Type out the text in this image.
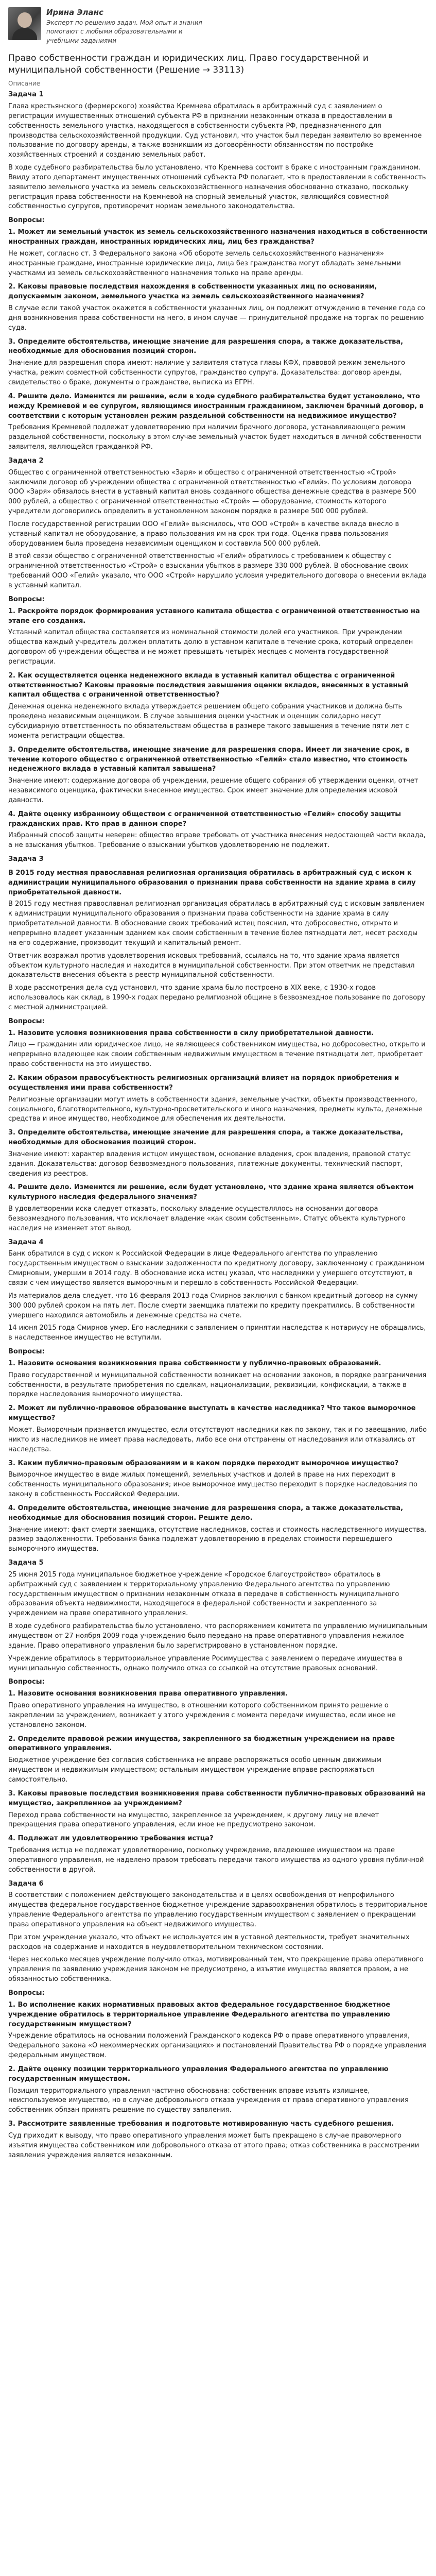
Ирина Эланс
Эксперт по решению задач. Мой опыт и знания помогают с любыми образовательными и учебными заданиями
Право собственности граждан и юридических лиц. Право государственной и муниципальной собственности (Решение → 33113)
Описание
Задача 1

Глава крестьянского (фермерского) хозяйства Кремнева обратилась в арбитражный суд с заявлением о регистрации имущественных отношений субъекта РФ в признании незаконным отказа в предоставлении в собственность земельного участка, находящегося в собственности субъекта РФ, предназначенного для производства сельскохозяйственной продукции. Суд установил, что участок был передан заявителю во временное пользование по договору аренды, а также возникшим из договорённости обязанностям по постройке хозяйственных строений и созданию земельных работ.

В ходе судебного разбирательства было установлено, что Кремнева состоит в браке с иностранным гражданином. Ввиду этого департамент имущественных отношений субъекта РФ полагает, что в предоставлении в собственность заявителю земельного участка из земель сельскохозяйственного назначения обоснованно отказано, поскольку регистрация права собственности на Кремневой на спорный земельный участок, являющийся совместной собственностью супругов, противоречит нормам земельного законодательства.

Вопросы:
1. Может ли земельный участок из земель сельскохозяйственного назначения находиться в собственности иностранных граждан, иностранных юридических лиц, лиц без гражданства?
Не может, согласно ст. 3 Федерального закона «Об обороте земель сельскохозяйственного назначения» иностранные граждане, иностранные юридические лица, лица без гражданства могут обладать земельными участками из земель сельскохозяйственного назначения только на праве аренды.
2. Каковы правовые последствия нахождения в собственности указанных лиц по основаниям, допускаемым законом, земельного участка из земель сельскохозяйственного назначения?
В случае если такой участок окажется в собственности указанных лиц, он подлежит отчуждению в течение года со дня возникновения права собственности на него, в ином случае — принудительной продаже на торгах по решению суда.
3. Определите обстоятельства, имеющие значение для разрешения спора, а также доказательства, необходимые для обоснования позиций сторон.
Значение для разрешения спора имеют: наличие у заявителя статуса главы КФХ, правовой режим земельного участка, режим совместной собственности супругов, гражданство супруга. Доказательства: договор аренды, свидетельство о браке, документы о гражданстве, выписка из ЕГРН.
4. Решите дело. Изменится ли решение, если в ходе судебного разбирательства будет установлено, что между Кремневой и ее супругом, являющимся иностранным гражданином, заключен брачный договор, в соответствии с которым установлен режим раздельной собственности на недвижимое имущество?
Требования Кремневой подлежат удовлетворению при наличии брачного договора, устанавливающего режим раздельной собственности, поскольку в этом случае земельный участок будет находиться в личной собственности заявителя, являющейся гражданкой РФ.
Задача 2

Общество с ограниченной ответственностью «Заря» и общество с ограниченной ответственностью «Строй» заключили договор об учреждении общества с ограниченной ответственностью «Гелий». По условиям договора ООО «Заря» обязалось внести в уставный капитал вновь созданного общества денежные средства в размере 500 000 рублей, а общество с ограниченной ответственностью «Строй» — оборудование, стоимость которого учредители договорились определить в установленном законом порядке в размере 500 000 рублей.

После государственной регистрации ООО «Гелий» выяснилось, что ООО «Строй» в качестве вклада внесло в уставный капитал не оборудование, а право пользования им на срок три года. Оценка права пользования оборудованием была проведена независимым оценщиком и составила 500 000 рублей.

В этой связи общество с ограниченной ответственностью «Гелий» обратилось с требованием к обществу с ограниченной ответственностью «Строй» о взыскании убытков в размере 330 000 рублей. В обоснование своих требований ООО «Гелий» указало, что ООО «Строй» нарушило условия учредительного договора о внесении вклада в уставный капитал.

Вопросы:
1. Раскройте порядок формирования уставного капитала общества с ограниченной ответственностью на этапе его создания.
Уставный капитал общества составляется из номинальной стоимости долей его участников. При учреждении общества каждый учредитель должен оплатить долю в уставном капитале в течение срока, который определен договором об учреждении общества и не может превышать четырёх месяцев с момента государственной регистрации.
2. Как осуществляется оценка неденежного вклада в уставный капитал общества с ограниченной ответственностью? Каковы правовые последствия завышения оценки вкладов, внесенных в уставный капитал общества с ограниченной ответственностью?
Денежная оценка неденежного вклада утверждается решением общего собрания участников и должна быть проведена независимым оценщиком. В случае завышения оценки участник и оценщик солидарно несут субсидиарную ответственность по обязательствам общества в размере такого завышения в течение пяти лет с момента регистрации общества.
3. Определите обстоятельства, имеющие значение для разрешения спора. Имеет ли значение срок, в течение которого общество с ограниченной ответственностью «Гелий» стало известно, что стоимость неденежного вклада в уставный капитал завышена?
Значение имеют: содержание договора об учреждении, решение общего собрания об утверждении оценки, отчет независимого оценщика, фактически внесенное имущество. Срок имеет значение для определения исковой давности.
4. Дайте оценку избранному обществом с ограниченной ответственностью «Гелий» способу защиты гражданских прав. Кто прав в данном споре?
Избранный способ защиты неверен: общество вправе требовать от участника внесения недостающей части вклада, а не взыскания убытков. Требование о взыскании убытков удовлетворению не подлежит.
Задача 3
В 2015 году местная православная религиозная организация обратилась в арбитражный суд с иском к администрации муниципального образования о признании права собственности на здание храма в силу приобретательной давности.

В 2015 году местная православная религиозная организация обратилась в арбитражный суд с исковым заявлением к администрации муниципального образования о признании права собственности на здание храма в силу приобретательной давности. В обоснование своих требований истец пояснил, что добросовестно, открыто и непрерывно владеет указанным зданием как своим собственным в течение более пятнадцати лет, несет расходы на его содержание, производит текущий и капитальный ремонт.

Ответчик возражал против удовлетворения исковых требований, ссылаясь на то, что здание храма является объектом культурного наследия и находится в муниципальной собственности. При этом ответчик не представил доказательств внесения объекта в реестр муниципальной собственности.

В ходе рассмотрения дела суд установил, что здание храма было построено в XIX веке, с 1930-х годов использовалось как склад, в 1990-х годах передано религиозной общине в безвозмездное пользование по договору с местной администрацией.

Вопросы:
1. Назовите условия возникновения права собственности в силу приобретательной давности.
Лицо — гражданин или юридическое лицо, не являющееся собственником имущества, но добросовестно, открыто и непрерывно владеющее как своим собственным недвижимым имуществом в течение пятнадцати лет, приобретает право собственности на это имущество.
2. Каким образом правосубъектность религиозных организаций влияет на порядок приобретения и осуществления ими права собственности?
Религиозные организации могут иметь в собственности здания, земельные участки, объекты производственного, социального, благотворительного, культурно-просветительского и иного назначения, предметы культа, денежные средства и иное имущество, необходимое для обеспечения их деятельности.
3. Определите обстоятельства, имеющие значение для разрешения спора, а также доказательства, необходимые для обоснования позиций сторон.
Значение имеют: характер владения истцом имуществом, основание владения, срок владения, правовой статус здания. Доказательства: договор безвозмездного пользования, платежные документы, технический паспорт, сведения из реестров.
4. Решите дело. Изменится ли решение, если будет установлено, что здание храма является объектом культурного наследия федерального значения?
В удовлетворении иска следует отказать, поскольку владение осуществлялось на основании договора безвозмездного пользования, что исключает владение «как своим собственным». Статус объекта культурного наследия не изменяет этот вывод.
Задача 4

Банк обратился в суд с иском к Российской Федерации в лице Федерального агентства по управлению государственным имуществом о взыскании задолженности по кредитному договору, заключенному с гражданином Смирновым, умершим в 2014 году. В обоснование иска истец указал, что наследники у умершего отсутствуют, в связи с чем имущество является выморочным и перешло в собственность Российской Федерации.

Из материалов дела следует, что 16 февраля 2013 года Смирнов заключил с банком кредитный договор на сумму 300 000 рублей сроком на пять лет. После смерти заемщика платежи по кредиту прекратились. В собственности умершего находился автомобиль и денежные средства на счете.

14 июня 2015 года Смирнов умер. Его наследники с заявлением о принятии наследства к нотариусу не обращались, в наследственное имущество не вступили.

Вопросы:
1. Назовите основания возникновения права собственности у публично-правовых образований.
Право государственной и муниципальной собственности возникает на основании законов, в порядке разграничения собственности, в результате приобретения по сделкам, национализации, реквизиции, конфискации, а также в порядке наследования выморочного имущества.
2. Может ли публично-правовое образование выступать в качестве наследника? Что такое выморочное имущество?
Может. Выморочным признается имущество, если отсутствуют наследники как по закону, так и по завещанию, либо никто из наследников не имеет права наследовать, либо все они отстранены от наследования или отказались от наследства.
3. Каким публично-правовым образованиям и в каком порядке переходит выморочное имущество?
Выморочное имущество в виде жилых помещений, земельных участков и долей в праве на них переходит в собственность муниципального образования; иное выморочное имущество переходит в порядке наследования по закону в собственность Российской Федерации.
4. Определите обстоятельства, имеющие значение для разрешения спора, а также доказательства, необходимые для обоснования позиций сторон. Решите дело.
Значение имеют: факт смерти заемщика, отсутствие наследников, состав и стоимость наследственного имущества, размер задолженности. Требования банка подлежат удовлетворению в пределах стоимости перешедшего выморочного имущества.
Задача 5

25 июня 2015 года муниципальное бюджетное учреждение «Городское благоустройство» обратилось в арбитражный суд с заявлением к территориальному управлению Федерального агентства по управлению государственным имуществом о признании незаконным отказа в передаче в собственность муниципального образования объекта недвижимости, находящегося в федеральной собственности и закрепленного за учреждением на праве оперативного управления.

В ходе судебного разбирательства было установлено, что распоряжением комитета по управлению муниципальным имуществом от 27 ноября 2009 года учреждению было передано на праве оперативного управления нежилое здание. Право оперативного управления было зарегистрировано в установленном порядке.

Учреждение обратилось в территориальное управление Росимущества с заявлением о передаче имущества в муниципальную собственность, однако получило отказ со ссылкой на отсутствие правовых оснований.

Вопросы:
1. Назовите основания возникновения права оперативного управления.
Право оперативного управления на имущество, в отношении которого собственником принято решение о закреплении за учреждением, возникает у этого учреждения с момента передачи имущества, если иное не установлено законом.
2. Определите правовой режим имущества, закрепленного за бюджетным учреждением на праве оперативного управления.
Бюджетное учреждение без согласия собственника не вправе распоряжаться особо ценным движимым имуществом и недвижимым имуществом; остальным имуществом учреждение вправе распоряжаться самостоятельно.
3. Каковы правовые последствия возникновения права собственности публично-правовых образований на имущество, закрепленное за учреждением?
Переход права собственности на имущество, закрепленное за учреждением, к другому лицу не влечет прекращения права оперативного управления, если иное не предусмотрено законом.
4. Подлежат ли удовлетворению требования истца?
Требования истца не подлежат удовлетворению, поскольку учреждение, владеющее имуществом на праве оперативного управления, не наделено правом требовать передачи такого имущества из одного уровня публичной собственности в другой.
Задача 6

В соответствии с положением действующего законодательства и в целях освобождения от непрофильного имущества федеральное государственное бюджетное учреждение здравоохранения обратилось в территориальное управление Федерального агентства по управлению государственным имуществом с заявлением о прекращении права оперативного управления на объект недвижимого имущества.

При этом учреждение указало, что объект не используется им в уставной деятельности, требует значительных расходов на содержание и находится в неудовлетворительном техническом состоянии.

Через несколько месяцев учреждение получило отказ, мотивированный тем, что прекращение права оперативного управления по заявлению учреждения законом не предусмотрено, а изъятие имущества является правом, а не обязанностью собственника.

Вопросы:
1. Во исполнение каких нормативных правовых актов федеральное государственное бюджетное учреждение обратилось в территориальное управление Федерального агентства по управлению государственным имуществом?
Учреждение обратилось на основании положений Гражданского кодекса РФ о праве оперативного управления, Федерального закона «О некоммерческих организациях» и постановлений Правительства РФ о порядке управления федеральным имуществом.
2. Дайте оценку позиции территориального управления Федерального агентства по управлению государственным имуществом.
Позиция территориального управления частично обоснована: собственник вправе изъять излишнее, неиспользуемое имущество, но в случае добровольного отказа учреждения от права оперативного управления собственник обязан принять решение по существу заявления.
3. Рассмотрите заявленные требования и подготовьте мотивированную часть судебного решения.
Суд приходит к выводу, что право оперативного управления может быть прекращено в случае правомерного изъятия имущества собственником или добровольного отказа от этого права; отказ собственника в рассмотрении заявления учреждения является незаконным.
